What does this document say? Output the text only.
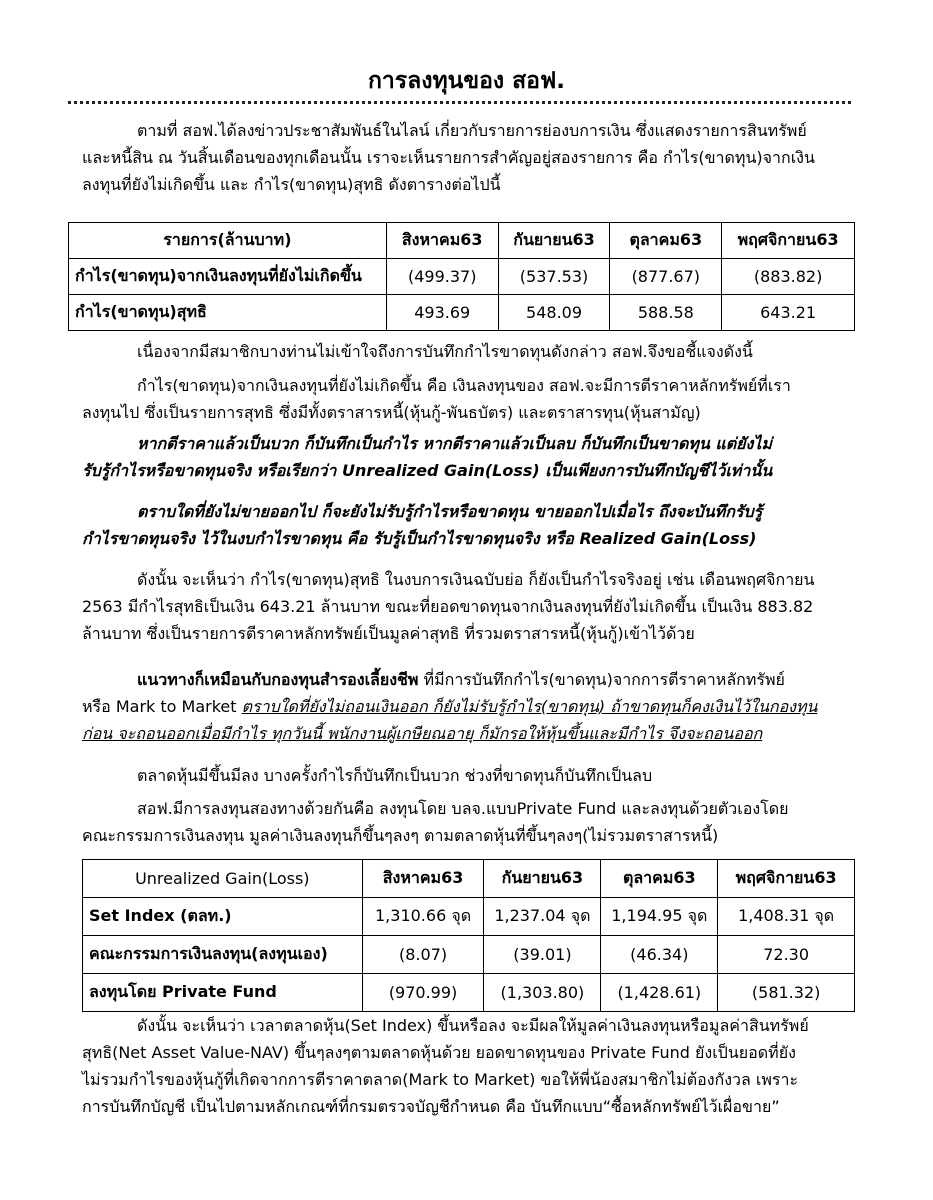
การลงทุนของ สอฟ.
ตามที่ สอฟ.ได้ลงข่าวประชาสัมพันธ์ในไลน์ เกี่ยวกับรายการย่องบการเงิน ซึ่งแสดงรายการสินทรัพย์
และหนี้สิน ณ วันสิ้นเดือนของทุกเดือนนั้น เราจะเห็นรายการสำคัญอยู่สองรายการ คือ กำไร(ขาดทุน)จากเงิน
ลงทุนที่ยังไม่เกิดขึ้น และ กำไร(ขาดทุน)สุทธิ ดังตารางต่อไปนี้
รายการ(ล้านบาท)	สิงหาคม63	กันยายน63	ตุลาคม63	พฤศจิกายน63
กำไร(ขาดทุน)จากเงินลงทุนที่ยังไม่เกิดขึ้น	(499.37)	(537.53)	(877.67)	(883.82)
กำไร(ขาดทุน)สุทธิ	493.69	548.09	588.58	643.21
เนื่องจากมีสมาชิกบางท่านไม่เข้าใจถึงการบันทึกกำไรขาดทุนดังกล่าว สอฟ.จึงขอชี้แจงดังนี้
กำไร(ขาดทุน)จากเงินลงทุนที่ยังไม่เกิดขึ้น คือ เงินลงทุนของ สอฟ.จะมีการตีราคาหลักทรัพย์ที่เรา
ลงทุนไป ซึ่งเป็นรายการสุทธิ ซึ่งมีทั้งตราสารหนี้(หุ้นกู้-พันธบัตร) และตราสารทุน(หุ้นสามัญ)
หากตีราคาแล้วเป็นบวก ก็บันทึกเป็นกำไร หากตีราคาแล้วเป็นลบ ก็บันทึกเป็นขาดทุน แต่ยังไม่
รับรู้กำไรหรือขาดทุนจริง หรือเรียกว่า Unrealized Gain(Loss) เป็นเพียงการบันทึกบัญชีไว้เท่านั้น
ตราบใดที่ยังไม่ขายออกไป ก็จะยังไม่รับรู้กำไรหรือขาดทุน ขายออกไปเมื่อไร ถึงจะบันทึกรับรู้
กำไรขาดทุนจริง ไว้ในงบกำไรขาดทุน คือ รับรู้เป็นกำไรขาดทุนจริง หรือ Realized Gain(Loss)
ดังนั้น จะเห็นว่า กำไร(ขาดทุน)สุทธิ ในงบการเงินฉบับย่อ ก็ยังเป็นกำไรจริงอยู่ เช่น เดือนพฤศจิกายน
2563 มีกำไรสุทธิเป็นเงิน 643.21 ล้านบาท ขณะที่ยอดขาดทุนจากเงินลงทุนที่ยังไม่เกิดขึ้น เป็นเงิน 883.82
ล้านบาท ซึ่งเป็นรายการตีราคาหลักทรัพย์เป็นมูลค่าสุทธิ ที่รวมตราสารหนี้(หุ้นกู้)เข้าไว้ด้วย
แนวทางก็เหมือนกับกองทุนสำรองเลี้ยงชีพ ที่มีการบันทึกกำไร(ขาดทุน)จากการตีราคาหลักทรัพย์
หรือ Mark to Market ตราบใดที่ยังไม่ถอนเงินออก ก็ยังไม่รับรู้กำไร(ขาดทุน) ถ้าขาดทุนก็คงเงินไว้ในกองทุน
ก่อน จะถอนออกเมื่อมีกำไร ทุกวันนี้ พนักงานผู้เกษียณอายุ ก็มักรอให้หุ้นขึ้นและมีกำไร จึงจะถอนออก
ตลาดหุ้นมีขึ้นมีลง บางครั้งกำไรก็บันทึกเป็นบวก ช่วงที่ขาดทุนก็บันทึกเป็นลบ
สอฟ.มีการลงทุนสองทางด้วยกันคือ ลงทุนโดย บลจ.แบบPrivate Fund และลงทุนด้วยตัวเองโดย
คณะกรรมการเงินลงทุน มูลค่าเงินลงทุนก็ขึ้นๆลงๆ ตามตลาดหุ้นที่ขึ้นๆลงๆ(ไม่รวมตราสารหนี้)
Unrealized Gain(Loss)	สิงหาคม63	กันยายน63	ตุลาคม63	พฤศจิกายน63
Set Index (ตลท.)	1,310.66 จุด	1,237.04 จุด	1,194.95 จุด	1,408.31 จุด
คณะกรรมการเงินลงทุน(ลงทุนเอง)	(8.07)	(39.01)	(46.34)	72.30
ลงทุนโดย Private Fund	(970.99)	(1,303.80)	(1,428.61)	(581.32)
ดังนั้น จะเห็นว่า เวลาตลาดหุ้น(Set Index) ขึ้นหรือลง จะมีผลให้มูลค่าเงินลงทุนหรือมูลค่าสินทรัพย์
สุทธิ(Net Asset Value-NAV) ขึ้นๆลงๆตามตลาดหุ้นด้วย ยอดขาดทุนของ Private Fund ยังเป็นยอดที่ยัง
ไม่รวมกำไรของหุ้นกู้ที่เกิดจากการตีราคาตลาด(Mark to Market) ขอให้พี่น้องสมาชิกไม่ต้องกังวล เพราะ
การบันทึกบัญชี เป็นไปตามหลักเกณฑ์ที่กรมตรวจบัญชีกำหนด คือ บันทึกแบบ“ซื้อหลักทรัพย์ไว้เผื่อขาย”
